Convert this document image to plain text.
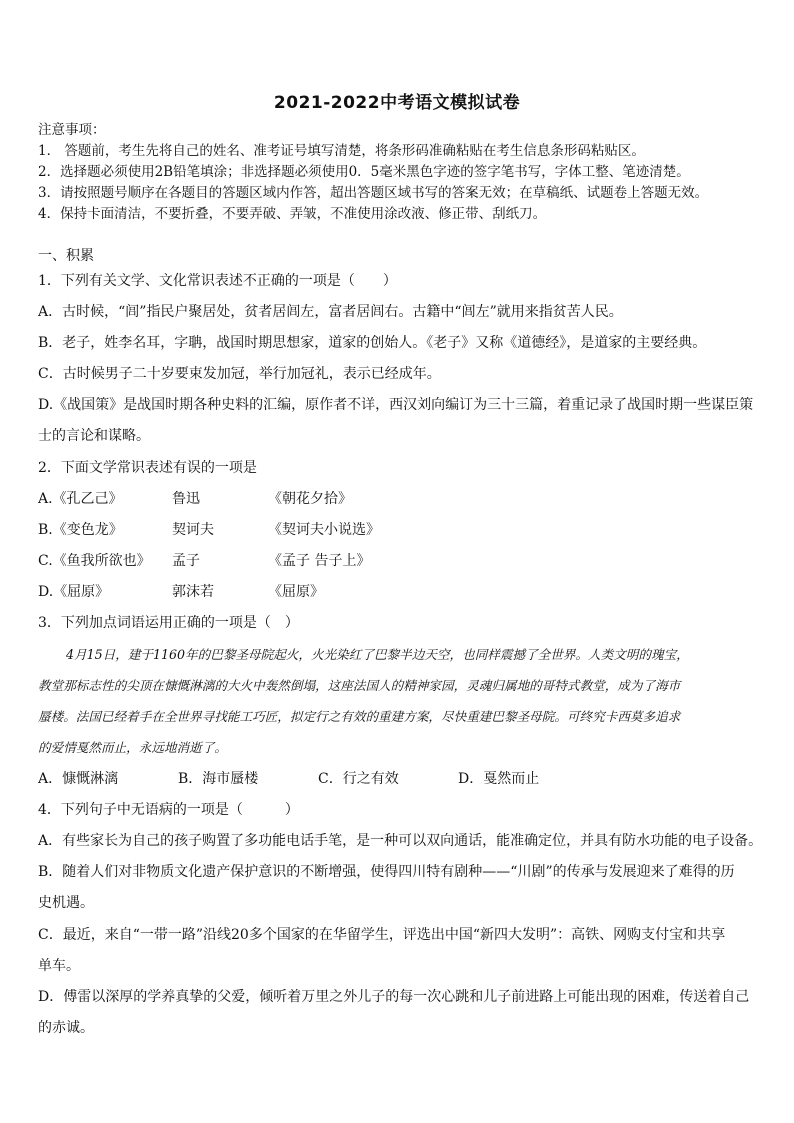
2021-2022中考语文模拟试卷
注意事项：
1． 答题前，考生先将自己的姓名、准考证号填写清楚，将条形码准确粘贴在考生信息条形码粘贴区。
2．选择题必须使用2B铅笔填涂；非选择题必须使用0．5毫米黑色字迹的签字笔书写，字体工整、笔迹清楚。
3．请按照题号顺序在各题目的答题区域内作答，超出答题区域书写的答案无效；在草稿纸、试题卷上答题无效。
4．保持卡面清洁，不要折叠，不要弄破、弄皱，不准使用涂改液、修正带、刮纸刀。
一、积累
1．下列有关文学、文化常识表述不正确的一项是（　　）
A．古时候，“闾”指民户聚居处，贫者居闾左，富者居闾右。古籍中“闾左”就用来指贫苦人民。
B．老子，姓李名耳，字聃，战国时期思想家，道家的创始人。《老子》又称《道德经》，是道家的主要经典。
C．古时候男子二十岁要束发加冠，举行加冠礼，表示已经成年。
D.《战国策》是战国时期各种史料的汇编，原作者不详，西汉刘向编订为三十三篇，着重记录了战国时期一些谋臣策
士的言论和谋略。
2．下面文学常识表述有误的一项是
A.《孔乙己》	鲁迅	《朝花夕拾》
B.《变色龙》	契诃夫	《契诃夫小说选》
C.《鱼我所欲也》 孟子	《孟子 告子上》
D.《屈原》	郭沫若	《屈原》
3．下列加点词语运用正确的一项是（　）
4月15日，建于1160年的巴黎圣母院起火，火光染红了巴黎半边天空，也同样震撼了全世界。人类文明的瑰宝，
教堂那标志性的尖顶在慷慨淋漓的大火中轰然倒塌，这座法国人的精神家园，灵魂归属地的哥特式教堂，成为了海市
蜃楼。法国已经着手在全世界寻找能工巧匠，拟定行之有效的重建方案，尽快重建巴黎圣母院。可终究卡西莫多追求
的爱情戛然而止，永远地消逝了。
A．慷慨淋漓	B．海市蜃楼	C．行之有效	D．戛然而止
4．下列句子中无语病的一项是（　　　）
A．有些家长为自己的孩子购置了多功能电话手笔，是一种可以双向通话，能准确定位，并具有防水功能的电子设备。
B．随着人们对非物质文化遗产保护意识的不断增强，使得四川特有剧种——“川剧”的传承与发展迎来了难得的历
史机遇。
C．最近，来自“一带一路”沿线20多个国家的在华留学生，评选出中国“新四大发明”：高铁、网购支付宝和共享
单车。
D．傅雷以深厚的学养真挚的父爱，倾听着万里之外儿子的每一次心跳和儿子前进路上可能出现的困难，传送着自己
的赤诚。
